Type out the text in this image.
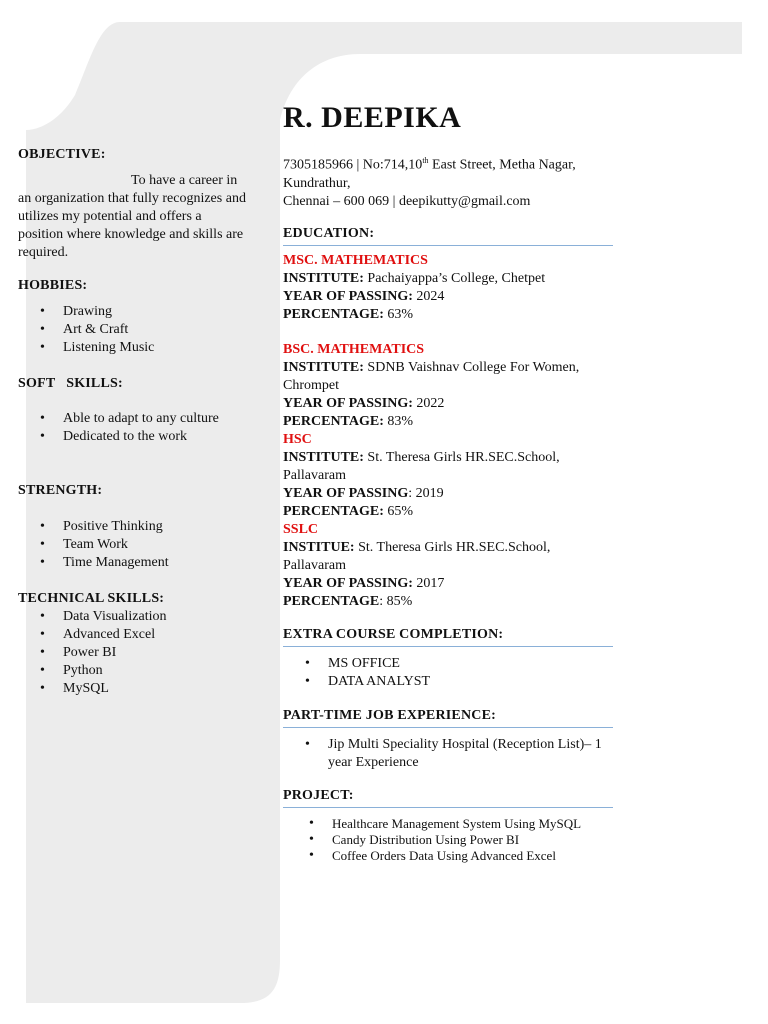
OBJECTIVE:

To have a career in an organization that fully recognizes and utilizes my potential and offers a position where knowledge and skills are required.

HOBBIES:
• Drawing
• Art & Craft
• Listening Music
SOFT   SKILLS:
• Able to adapt to any culture
• Dedicated to the work
STRENGTH:
• Positive Thinking
• Team Work
• Time Management
TECHNICAL SKILLS:
• Data Visualization
• Advanced Excel
• Power BI
• Python
• MySQL
R. DEEPIKA
7305185966 | No:714,10th East Street, Metha Nagar, Kundrathur,
Chennai – 600 069 | deepikutty@gmail.com
EDUCATION:
MSC. MATHEMATICS
INSTITUTE: Pachaiyappa’s College, Chetpet
YEAR OF PASSING: 2024
PERCENTAGE: 63%
BSC. MATHEMATICS
INSTITUTE: SDNB Vaishnav College For Women, Chrompet
YEAR OF PASSING: 2022
PERCENTAGE: 83%
HSC
INSTITUTE: St. Theresa Girls HR.SEC.School, Pallavaram
YEAR OF PASSING: 2019
PERCENTAGE: 65%
SSLC
INSTITUE: St. Theresa Girls HR.SEC.School, Pallavaram
YEAR OF PASSING: 2017
PERCENTAGE: 85%
EXTRA COURSE COMPLETION:
• MS OFFICE
• DATA ANALYST
PART-TIME JOB EXPERIENCE:
• Jip Multi Speciality Hospital (Reception List)– 1 year Experience
PROJECT:
• Healthcare Management System Using MySQL
• Candy Distribution Using Power BI
• Coffee Orders Data Using Advanced Excel
